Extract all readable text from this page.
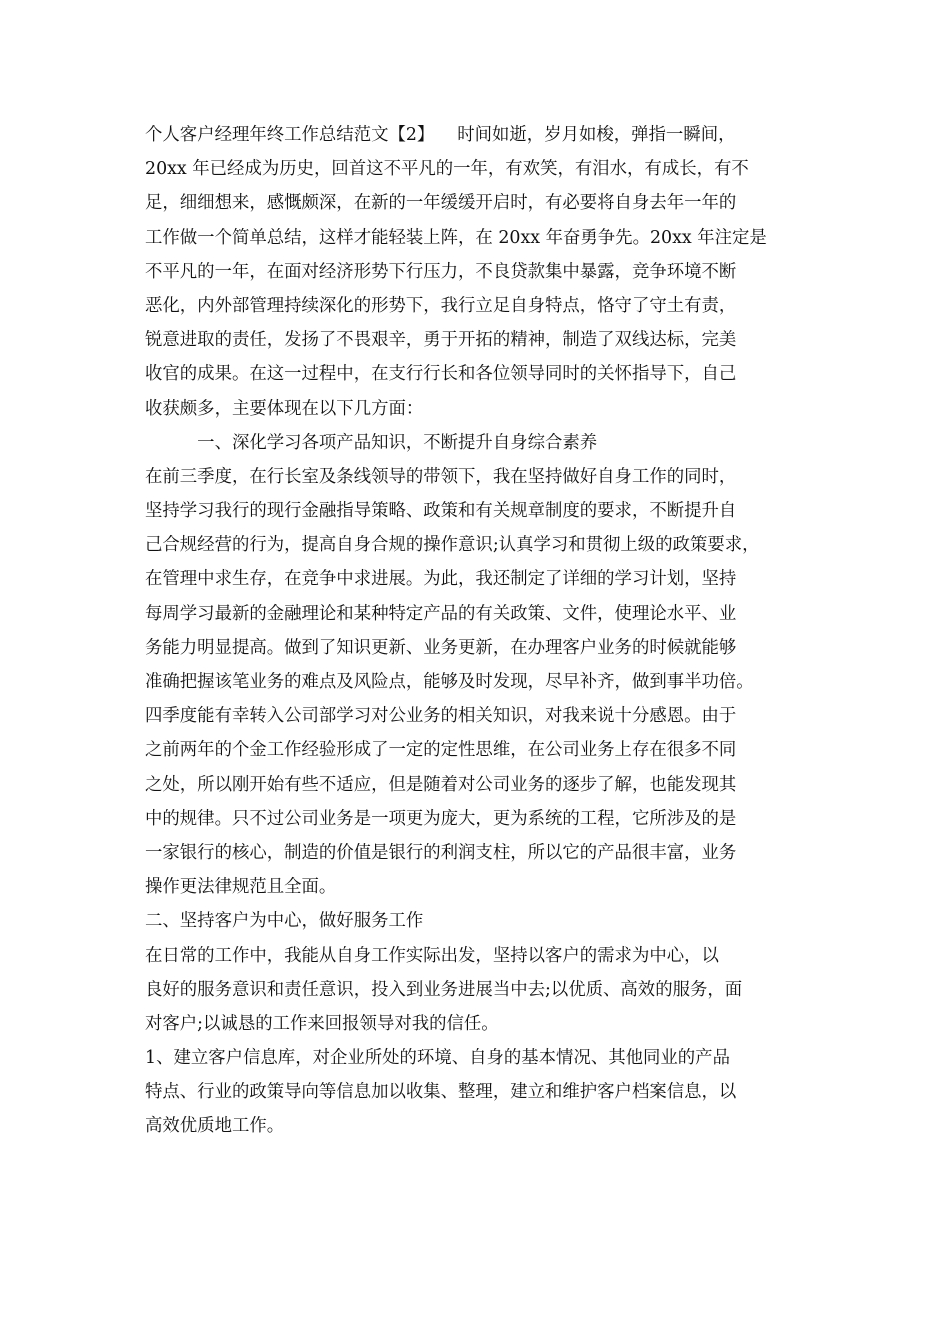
个人客户经理年终工作总结范文【2】 　时间如逝，岁月如梭，弹指一瞬间，
20xx 年已经成为历史，回首这不平凡的一年，有欢笑，有泪水，有成长，有不
足，细细想来，感慨颇深，在新的一年缓缓开启时，有必要将自身去年一年的
工作做一个简单总结，这样才能轻装上阵，在 20xx 年奋勇争先。20xx 年注定是
不平凡的一年，在面对经济形势下行压力，不良贷款集中暴露，竞争环境不断
恶化，内外部管理持续深化的形势下，我行立足自身特点，恪守了守土有责，
锐意进取的责任，发扬了不畏艰辛，勇于开拓的精神，制造了双线达标，完美
收官的成果。在这一过程中，在支行行长和各位领导同时的关怀指导下，自己
收获颇多，主要体现在以下几方面：
　　　一、深化学习各项产品知识，不断提升自身综合素养
在前三季度，在行长室及条线领导的带领下，我在坚持做好自身工作的同时，
坚持学习我行的现行金融指导策略、政策和有关规章制度的要求，不断提升自
己合规经营的行为，提高自身合规的操作意识;认真学习和贯彻上级的政策要求，
在管理中求生存，在竞争中求进展。为此，我还制定了详细的学习计划，坚持
每周学习最新的金融理论和某种特定产品的有关政策、文件，使理论水平、业
务能力明显提高。做到了知识更新、业务更新，在办理客户业务的时候就能够
准确把握该笔业务的难点及风险点，能够及时发现，尽早补齐，做到事半功倍。
四季度能有幸转入公司部学习对公业务的相关知识，对我来说十分感恩。由于
之前两年的个金工作经验形成了一定的定性思维，在公司业务上存在很多不同
之处，所以刚开始有些不适应，但是随着对公司业务的逐步了解，也能发现其
中的规律。只不过公司业务是一项更为庞大，更为系统的工程，它所涉及的是
一家银行的核心，制造的价值是银行的利润支柱，所以它的产品很丰富，业务
操作更法律规范且全面。
二、坚持客户为中心，做好服务工作
在日常的工作中，我能从自身工作实际出发，坚持以客户的需求为中心，以
良好的服务意识和责任意识，投入到业务进展当中去;以优质、高效的服务，面
对客户;以诚恳的工作来回报领导对我的信任。
1、建立客户信息库，对企业所处的环境、自身的基本情况、其他同业的产品
特点、行业的政策导向等信息加以收集、整理，建立和维护客户档案信息，以
高效优质地工作。
